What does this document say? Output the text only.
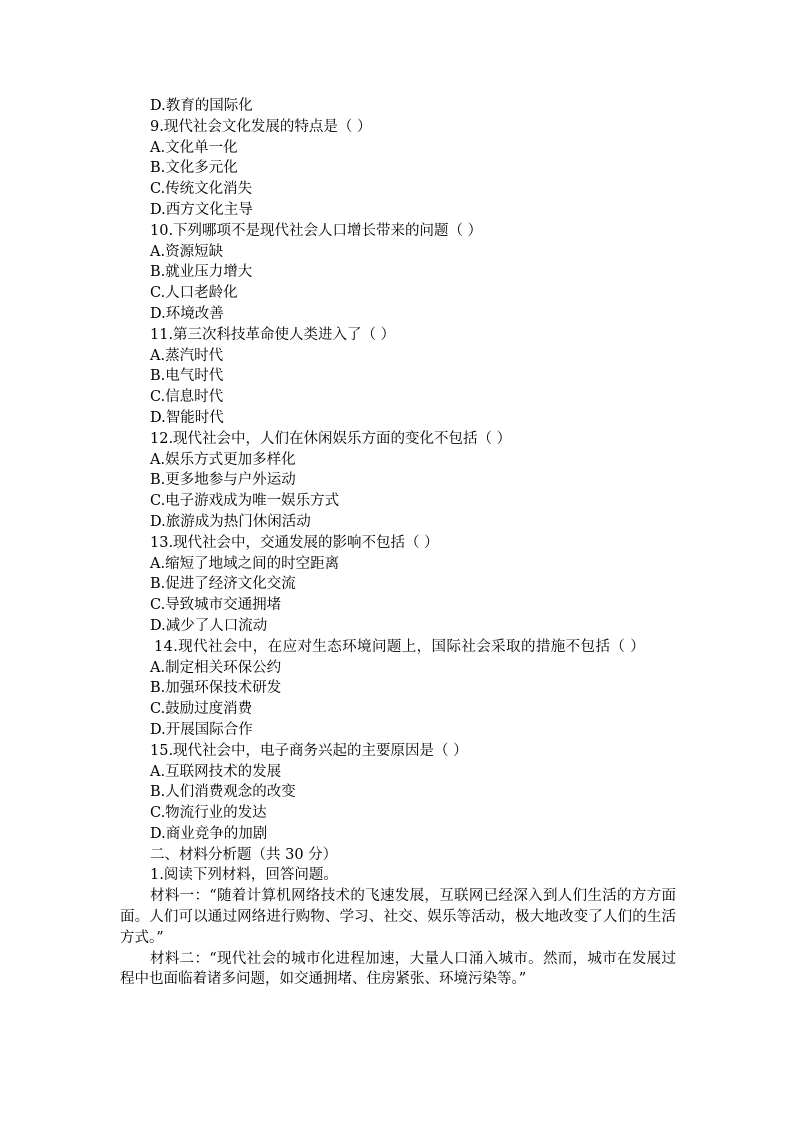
D.教育的国际化

9.现代社会文化发展的特点是（ ）

A.文化单一化

B.文化多元化

C.传统文化消失

D.西方文化主导

10.下列哪项不是现代社会人口增长带来的问题（ ）

A.资源短缺

B.就业压力增大

C.人口老龄化

D.环境改善

11.第三次科技革命使人类进入了（ ）

A.蒸汽时代

B.电气时代

C.信息时代

D.智能时代

12.现代社会中，人们在休闲娱乐方面的变化不包括（ ）

A.娱乐方式更加多样化

B.更多地参与户外运动

C.电子游戏成为唯一娱乐方式

D.旅游成为热门休闲活动

13.现代社会中，交通发展的影响不包括（ ）

A.缩短了地域之间的时空距离

B.促进了经济文化交流

C.导致城市交通拥堵

D.减少了人口流动

14.现代社会中，在应对生态环境问题上，国际社会采取的措施不包括（ ）

A.制定相关环保公约

B.加强环保技术研发

C.鼓励过度消费

D.开展国际合作

15.现代社会中，电子商务兴起的主要原因是（ ）

A.互联网技术的发展

B.人们消费观念的改变

C.物流行业的发达

D.商业竞争的加剧

二、材料分析题（共 30 分）

1.阅读下列材料，回答问题。

材料一：“随着计算机网络技术的飞速发展，互联网已经深入到人们生活的方方面面。人们可以通过网络进行购物、学习、社交、娱乐等活动，极大地改变了人们的生活方式。”

材料二：“现代社会的城市化进程加速，大量人口涌入城市。然而，城市在发展过程中也面临着诸多问题，如交通拥堵、住房紧张、环境污染等。”
